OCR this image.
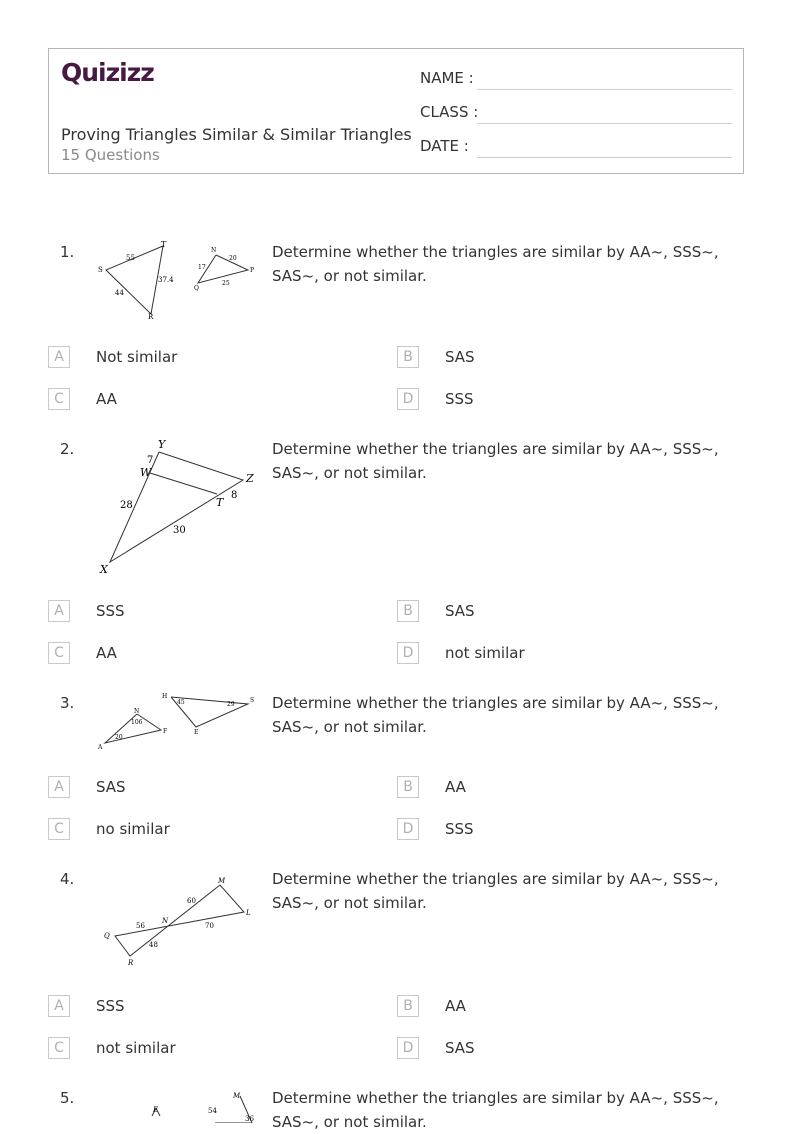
Quizizz
Proving Triangles Similar & Similar Triangles
15 Questions
NAME :
CLASS :
DATE :
1.	Determine whether the triangles are similar by AA~, SSS~, SAS~, or not similar.
T
S
R
55
44
37.4
N
Q
P
17
20
25
A	Not similar	B	SAS
C	AA	D	SSS
2.	Determine whether the triangles are similar by AA~, SSS~, SAS~, or not similar.
Y
W	Z
T
X
7
8
28
30
A	SSS	B	SAS
C	AA	D	not similar
3.	Determine whether the triangles are similar by AA~, SSS~, SAS~, or not similar.
N
A
F
H
S
E
106
20
45	29
A	SAS	B	AA
C	no similar	D	SSS
4.	Determine whether the triangles are similar by AA~, SSS~, SAS~, or not similar.
M
L
N
Q
R
60
70
56
48
A	SSS	B	AA
C	not similar	D	SAS
5.	Determine whether the triangles are similar by AA~, SSS~, SAS~, or not similar.
E
M
54
36
